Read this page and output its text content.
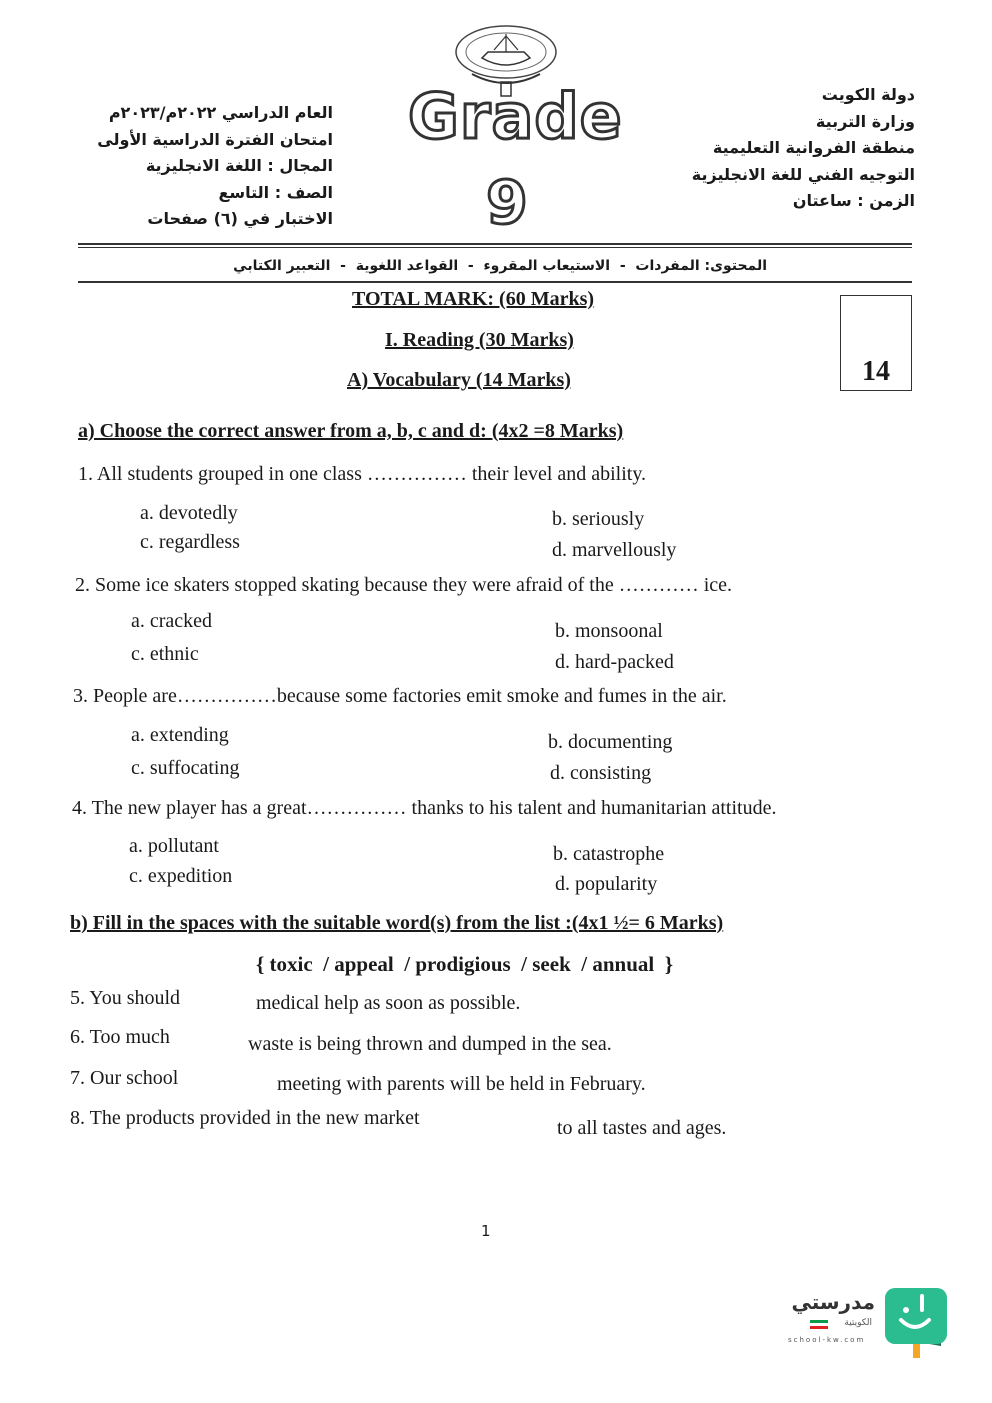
Grade
9
دولة الكويت
وزارة التربية
منطقة الفروانية التعليمية
التوجيه الفني للغة الانجليزية
الزمن : ساعتان
العام الدراسي ٢٠٢٢م/٢٠٢٣م
امتحان الفترة الدراسية الأولى
المجال : اللغة الانجليزية
الصف : التاسع
الاختبار في (٦) صفحات
المحتوى: المفردات  -  الاستيعاب المقروء  -  القواعد اللغوية  -  التعبير الكتابي
TOTAL MARK: (60 Marks)
I. Reading (30 Marks)
A) Vocabulary (14 Marks)	14
a) Choose the correct answer from a, b, c and d: (4x2 =8 Marks)
1. All students grouped in one class …………… their level and ability.
a. devotedly	b. seriously
c. regardless	d. marvellously
2. Some ice skaters stopped skating because they were afraid of the ………… ice.
a. cracked	b. monsoonal
c. ethnic	d. hard-packed
3. People are……………because some factories emit smoke and fumes in the air.
a. extending	b. documenting
c. suffocating	d. consisting
4. The new player has a great…………… thanks to his talent and humanitarian attitude.
a. pollutant	b. catastrophe
c. expedition	d. popularity
b) Fill in the spaces with the suitable word(s) from the list :(4x1 ½= 6 Marks)
{ toxic  / appeal  / prodigious  / seek  / annual  }
5. You should	medical help as soon as possible.
6. Too much	waste is being thrown and dumped in the sea.
7. Our school	meeting with parents will be held in February.
8. The products provided in the new market	to all tastes and ages.
1
مدرستي
الكويتية
school-kw.com
